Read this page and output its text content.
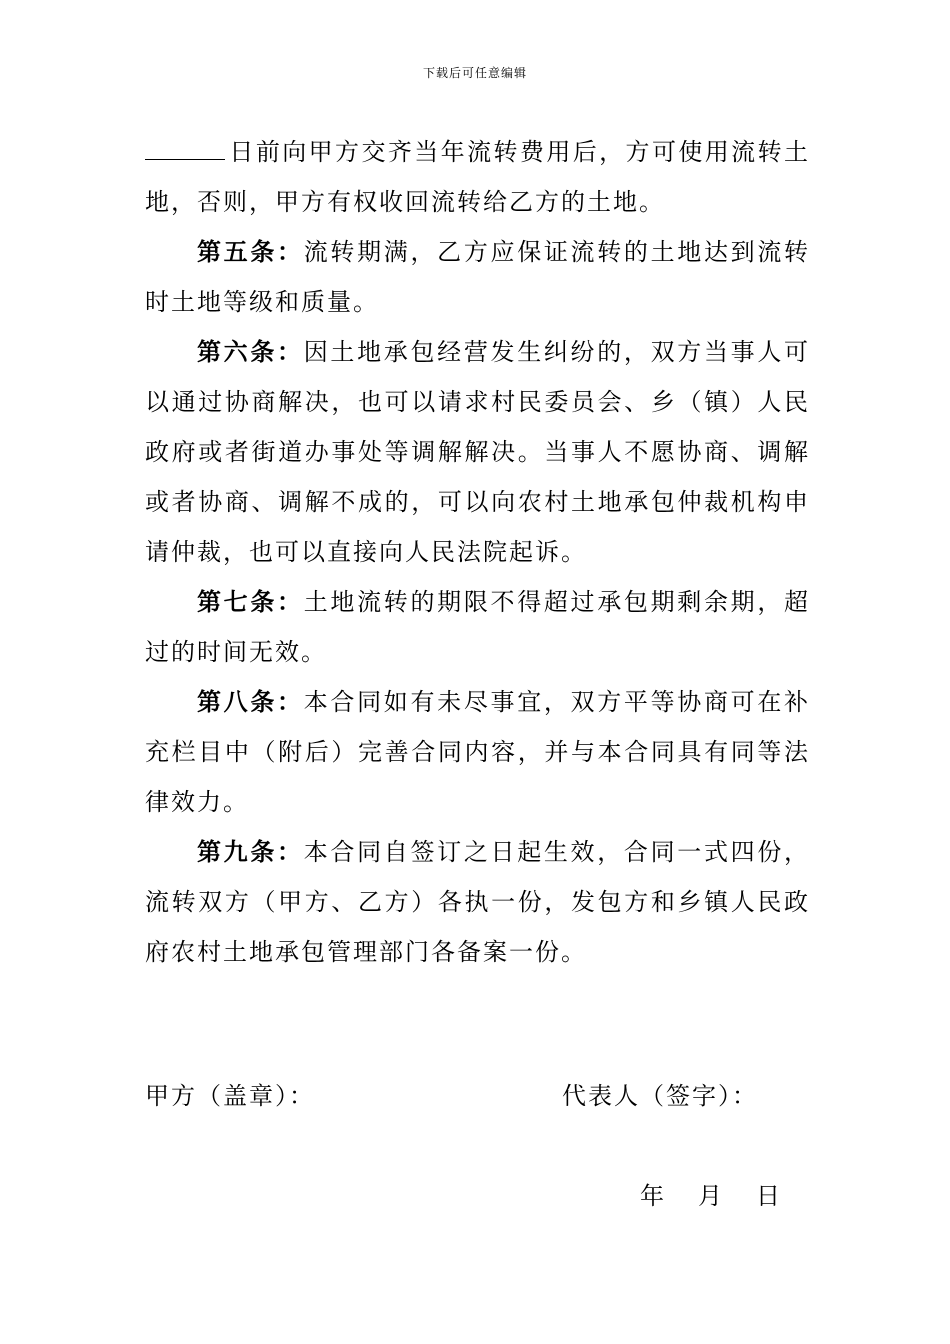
下载后可任意编辑

日前向甲方交齐当年流转费用后，方可使用流转土地，否则，甲方有权收回流转给乙方的土地。

第五条：流转期满，乙方应保证流转的土地达到流转时土地等级和质量。

第六条：因土地承包经营发生纠纷的，双方当事人可以通过协商解决，也可以请求村民委员会、乡（镇）人民政府或者街道办事处等调解解决。当事人不愿协商、调解或者协商、调解不成的，可以向农村土地承包仲裁机构申请仲裁，也可以直接向人民法院起诉。

第七条：土地流转的期限不得超过承包期剩余期，超过的时间无效。

第八条：本合同如有未尽事宜，双方平等协商可在补充栏目中（附后）完善合同内容，并与本合同具有同等法律效力。

第九条：本合同自签订之日起生效，合同一式四份，流转双方（甲方、乙方）各执一份，发包方和乡镇人民政府农村土地承包管理部门各备案一份。

甲方（盖章）：	代表人（签字）：
年 月 日
